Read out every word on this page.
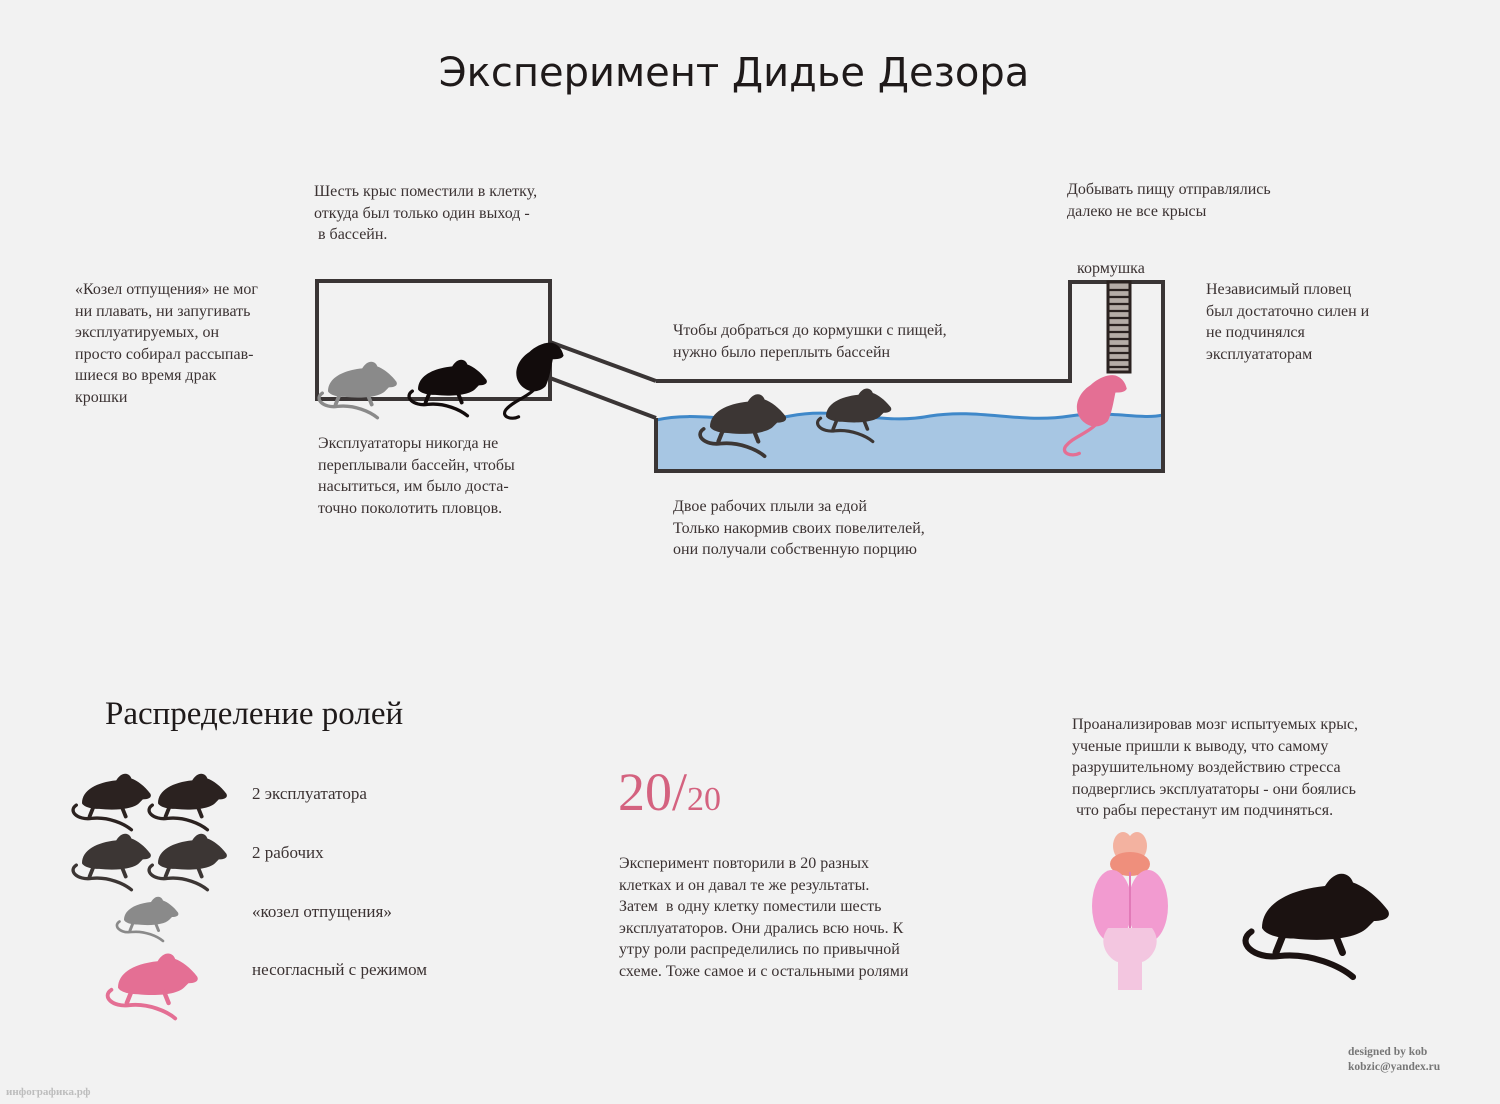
Эксперимент Дидье Дезора
Шесть крыс поместили в клетку,
откуда был только один выход -
в бассейн.
«Козел отпущения» не мог
ни плавать, ни запугивать
эксплуатируемых, он
просто собирал рассыпав-
шиеся во время драк
крошки
Эксплуататоры никогда не
переплывали бассейн, чтобы
насытиться, им было доста-
точно поколотить пловцов.
Чтобы добраться до кормушки с пищей,
нужно было переплыть бассейн
Двое рабочих плыли за едой
Только накормив своих повелителей,
они получали собственную порцию
Добывать пищу отправлялись
далеко не все крысы
кормушка
Независимый пловец
был достаточно силен и
не подчинялся
эксплуататорам
Распределение ролей
2 эксплуататора
2 рабочих
«козел отпущения»
несогласный с режимом
20/20
Эксперимент повторили в 20 разных
клетках и он давал те же результаты.
Затем  в одну клетку поместили шесть
эксплуататоров. Они дрались всю ночь. К
утру роли распределились по привычной
схеме. Тоже самое и с остальными ролями
Проанализировав мозг испытуемых крыс,
ученые пришли к выводу, что самому
разрушительному воздействию стресса
подверглись эксплуататоры - они боялись
что рабы перестанут им подчиняться.
designed by kob
kobzic@yandex.ru
инфографика.рф
